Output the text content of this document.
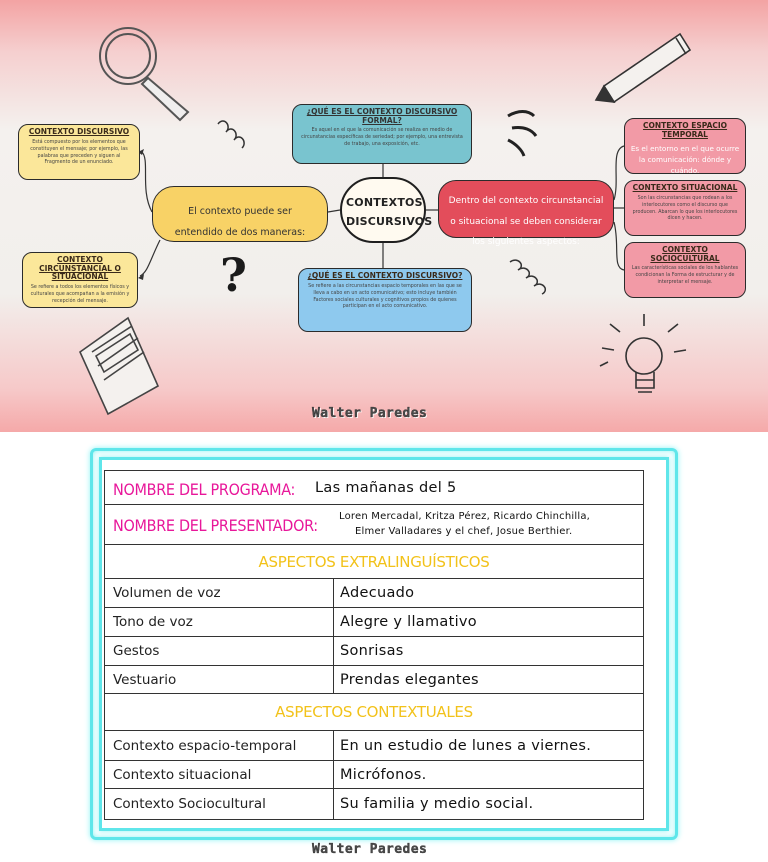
?
CONTEXTO DISCURSIVO
Está compuesto por los elementos que constituyen el mensaje; por ejemplo, las palabras que preceden y siguen al Fragmento de un enunciado.
CONTEXTO CIRCUNSTANCIAL O SITUACIONAL
Se refiere a todos los elementos físicos y culturales que acompañan a la emisión y recepción del mensaje.
El contexto puede ser entendido de dos maneras:
¿QUÉ ES EL CONTEXTO DISCURSIVO FORMAL?
Es aquel en el que la comunicación se realiza en medio de circunstancias específicas de seriedad; por ejemplo, una entrevista de trabajo, una exposición, etc.
CONTEXTOS DISCURSIVOS
¿QUÉ ES EL CONTEXTO DISCURSIVO?
Se refiere a las circunstancias espacio temporales en las que se lleva a cabo en un acto comunicativo; esto incluye también Factores sociales culturales y cognitivos propios de quienes participan en el acto comunicativo.
Dentro del contexto circunstancial o situacional se deben considerar los siguientes aspectos:
CONTEXTO ESPACIO TEMPORAL
Es el entorno en el que ocurre la comunicación: dónde y cuándo.
CONTEXTO SITUACIONAL
Son las circunstancias que rodean a los interlocutores como el discurso que producen. Abarcan lo que los interlocutores dicen y hacen.
CONTEXTO SOCIOCULTURAL
Las características sociales de los hablantes condicionan la Forma de estructurar y de interpretar el mensaje.
Walter Paredes
NOMBRE DEL PROGRAMA: Las mañanas del 5
NOMBRE DEL PRESENTADOR: Loren Mercadal, Kritza Pérez, Ricardo Chinchilla,
Elmer Valladares y el chef, Josue Berthier.
ASPECTOS EXTRALINGUÍSTICOS
Volumen de voz	Adecuado
Tono de voz	Alegre y llamativo
Gestos	Sonrisas
Vestuario	Prendas elegantes
ASPECTOS CONTEXTUALES
Contexto espacio-temporal	En un estudio de lunes a viernes.
Contexto situacional	Micrófonos.
Contexto Sociocultural	Su familia y medio social.
Walter Paredes
